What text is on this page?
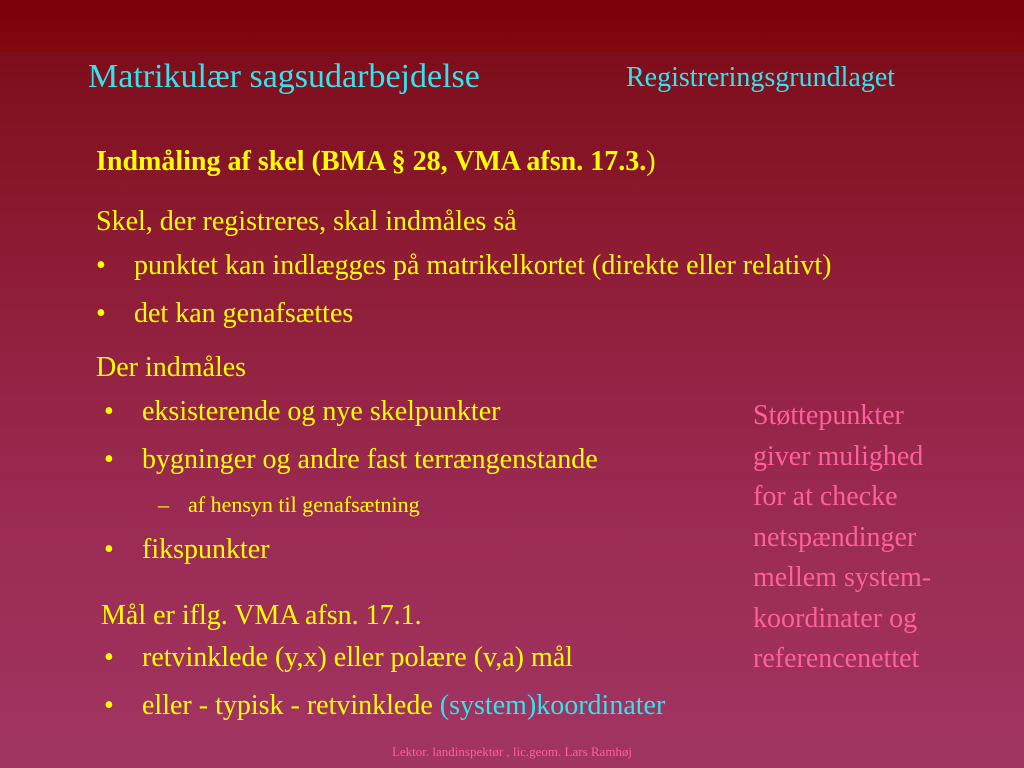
Matrikulær sagsudarbejdelse	Registreringsgrundlaget
Indmåling af skel (BMA § 28, VMA afsn. 17.3.)
Skel, der registreres, skal indmåles så
• punktet kan indlægges på matrikelkortet (direkte eller relativt)
• det kan genafsættes
Der indmåles
• eksisterende og nye skelpunkter
• bygninger og andre fast terrængenstande
– af hensyn til genafsætning
• fikspunkter
Mål er iflg. VMA afsn. 17.1.
• retvinklede (y,x) eller polære (v,a) mål
• eller - typisk - retvinklede (system)koordinater
Støttepunkter
giver mulighed
for at checke
netspændinger
mellem system-
koordinater og
referencenettet
Lektor. landinspektør , lic.geom. Lars Ramhøj
